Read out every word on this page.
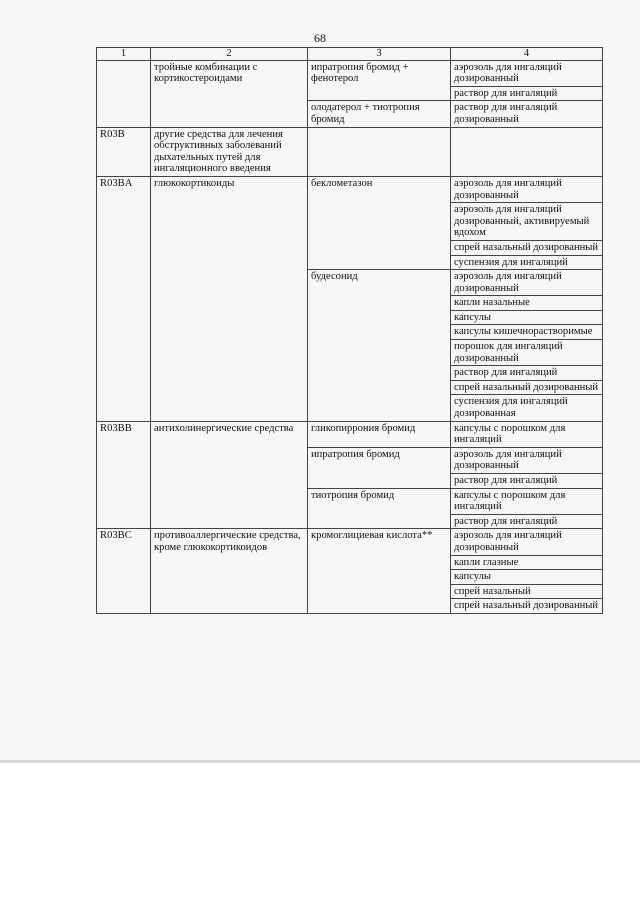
68
1	2	3	4
	тройные комбинации с кортикостероидами	ипратропия бромид + фенотерол	аэрозоль для ингаляций дозированный
			раствор для ингаляций
		олодатерол + тиотропия бромид	раствор для ингаляций дозированный
R03B	другие средства для лечения обструктивных заболеваний дыхательных путей для ингаляционного введения		
R03BA	глюкокортикоиды	беклометазон	аэрозоль для ингаляций дозированный
			аэрозоль для ингаляций дозированный, активируемый вдохом
			спрей назальный дозированный
			суспензия для ингаляций
		будесонид	аэрозоль для ингаляций дозированный
			капли назальные
			капсулы
			капсулы кишечнорастворимые
			порошок для ингаляций дозированный
			раствор для ингаляций
			спрей назальный дозированный
			суспензия для ингаляций дозированная
R03BB	антихолинергические средства	гликопиррония бромид	капсулы с порошком для ингаляций
		ипратропия бромид	аэрозоль для ингаляций дозированный
			раствор для ингаляций
		тиотропия бромид	капсулы с порошком для ингаляций
			раствор для ингаляций
R03BC	противоаллергические средства, кроме глюкокортикоидов	кромоглициевая кислота**	аэрозоль для ингаляций дозированный
			капли глазные
			капсулы
			спрей назальный
			спрей назальный дозированный
